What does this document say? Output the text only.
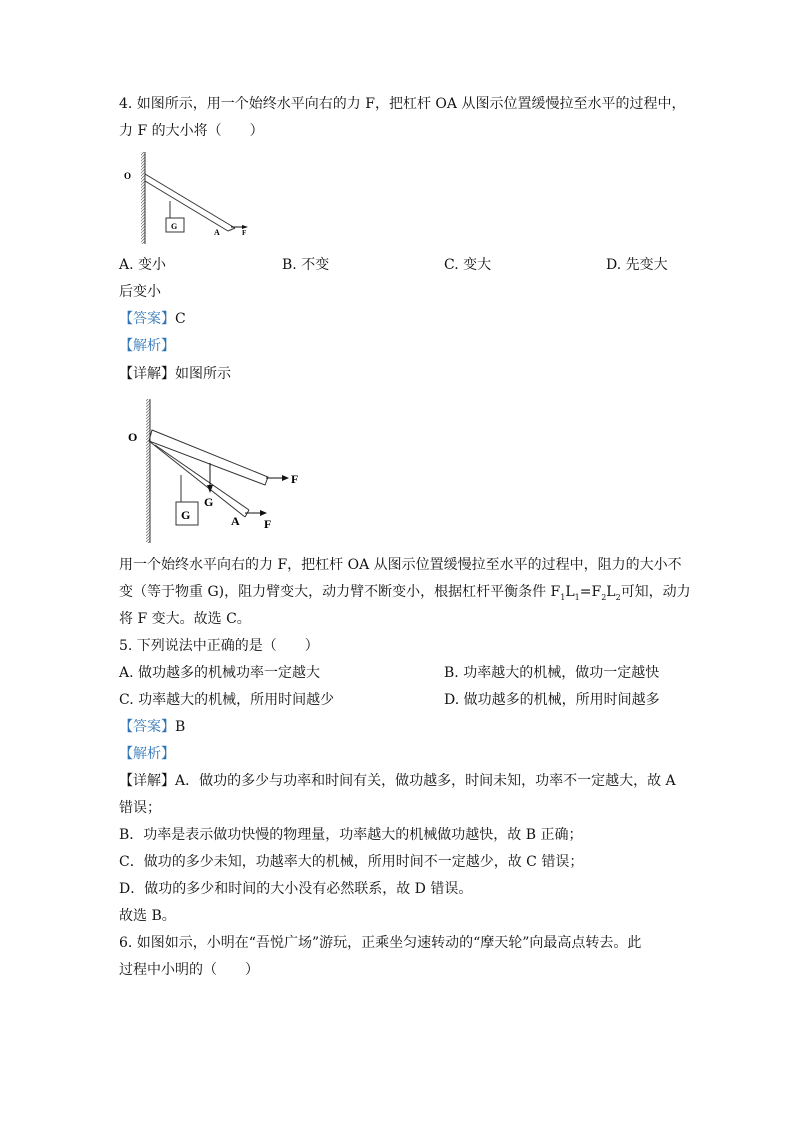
4. 如图所示，用一个始终水平向右的力 F，把杠杆 OA 从图示位置缓慢拉至水平的过程中，
力 F 的大小将（　　）
O
G
A	F
A. 变小	B. 不变	C. 变大	D. 先变大
后变小
【答案】C
【解析】
【详解】如图所示
O
G
G	A F
F
用一个始终水平向右的力 F，把杠杆 OA 从图示位置缓慢拉至水平的过程中，阻力的大小不
变（等于物重 G)，阻力臂变大，动力臂不断变小，根据杠杆平衡条件 $F_1L_1=F_2L_2$可知，动力
将 F 变大。故选 C。
5. 下列说法中正确的是（　　）
A. 做功越多的机械功率一定越大	B. 功率越大的机械，做功一定越快
C. 功率越大的机械，所用时间越少	D. 做功越多的机械，所用时间越多
【答案】B
【解析】
【详解】A．做功的多少与功率和时间有关，做功越多，时间未知，功率不一定越大，故 A
错误；
B．功率是表示做功快慢的物理量，功率越大的机械做功越快，故 B 正确；
C．做功的多少未知，功越率大的机械，所用时间不一定越少，故 C 错误；
D．做功的多少和时间的大小没有必然联系，故 D 错误。
故选 B。
6. 如图如示，小明在“吾悦广场”游玩，正乘坐匀速转动的“摩天轮”向最高点转去。此
过程中小明的（　　）
